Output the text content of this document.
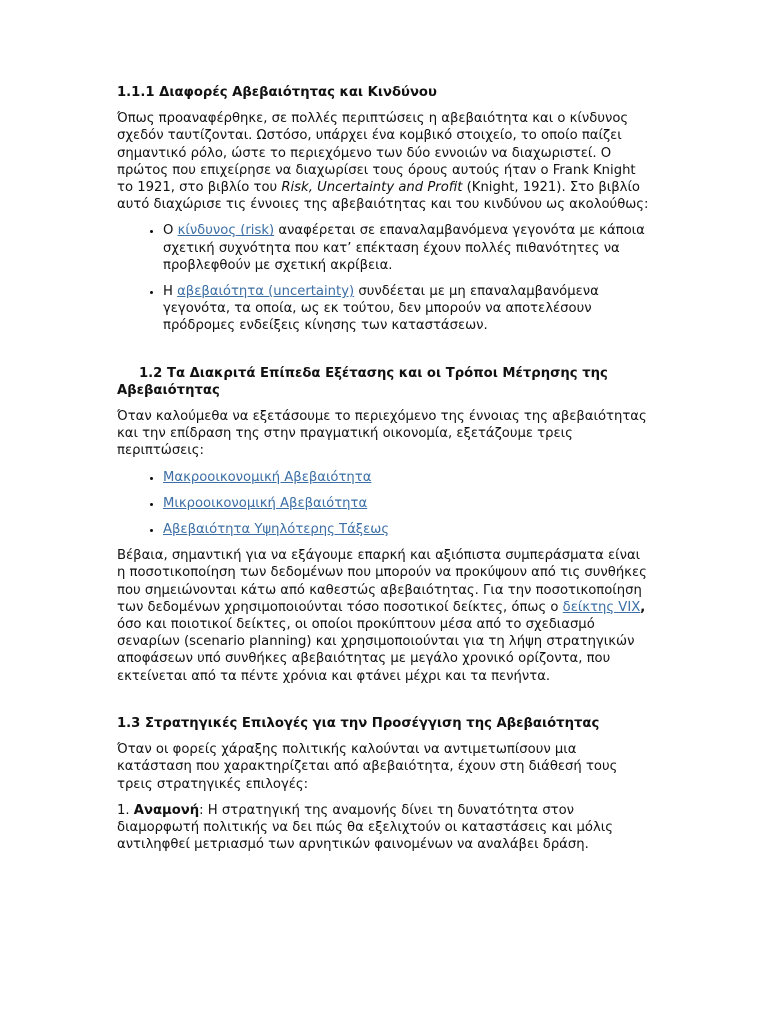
1.1.1 Διαφορές Αβεβαιότητας και Κινδύνου

Όπως προαναφέρθηκε, σε πολλές περιπτώσεις η αβεβαιότητα και ο κίνδυνος σχεδόν ταυτίζονται. Ωστόσο, υπάρχει ένα κομβικό στοιχείο, το οποίο παίζει σημαντικό ρόλο, ώστε το περιεχόμενο των δύο εννοιών να διαχωριστεί. Ο πρώτος που επιχείρησε να διαχωρίσει τους όρους αυτούς ήταν ο Frank Knight το 1921, στο βιβλίο του Risk, Uncertainty and Profit (Knight, 1921). Στο βιβλίο αυτό διαχώρισε τις έννοιες της αβεβαιότητας και του κινδύνου ως ακολούθως:

• Ο κίνδυνος (risk) αναφέρεται σε επαναλαμβανόμενα γεγονότα με κάποια σχετική συχνότητα που κατ’ επέκταση έχουν πολλές πιθανότητες να προβλεφθούν με σχετική ακρίβεια.
• Η αβεβαιότητα (uncertainty) συνδέεται με μη επαναλαμβανόμενα γεγονότα, τα οποία, ως εκ τούτου, δεν μπορούν να αποτελέσουν πρόδρομες ενδείξεις κίνησης των καταστάσεων.
1.2 Τα Διακριτά Επίπεδα Εξέτασης και οι Τρόποι Μέτρησης της Αβεβαιότητας

Όταν καλούμεθα να εξετάσουμε το περιεχόμενο της έννοιας της αβεβαιότητας και την επίδραση της στην πραγματική οικονομία, εξετάζουμε τρεις περιπτώσεις:

• Μακροοικονομική Αβεβαιότητα
• Μικροοικονομική Αβεβαιότητα
• Αβεβαιότητα Υψηλότερης Τάξεως

Βέβαια, σημαντική για να εξάγουμε επαρκή και αξιόπιστα συμπεράσματα είναι η ποσοτικοποίηση των δεδομένων που μπορούν να προκύψουν από τις συνθήκες που σημειώνονται κάτω από καθεστώς αβεβαιότητας. Για την ποσοτικοποίηση των δεδομένων χρησιμοποιούνται τόσο ποσοτικοί δείκτες, όπως ο δείκτης VIX, όσο και ποιοτικοί δείκτες, οι οποίοι προκύπτουν μέσα από το σχεδιασμό σεναρίων (scenario planning) και χρησιμοποιούνται για τη λήψη στρατηγικών αποφάσεων υπό συνθήκες αβεβαιότητας με μεγάλο χρονικό ορίζοντα, που εκτείνεται από τα πέντε χρόνια και φτάνει μέχρι και τα πενήντα.

1.3 Στρατηγικές Επιλογές για την Προσέγγιση της Αβεβαιότητας

Όταν οι φορείς χάραξης πολιτικής καλούνται να αντιμετωπίσουν μια κατάσταση που χαρακτηρίζεται από αβεβαιότητα, έχουν στη διάθεσή τους τρεις στρατηγικές επιλογές:

1. Αναμονή: Η στρατηγική της αναμονής δίνει τη δυνατότητα στον διαμορφωτή πολιτικής να δει πώς θα εξελιχτούν οι καταστάσεις και μόλις αντιληφθεί μετριασμό των αρνητικών φαινομένων να αναλάβει δράση.
